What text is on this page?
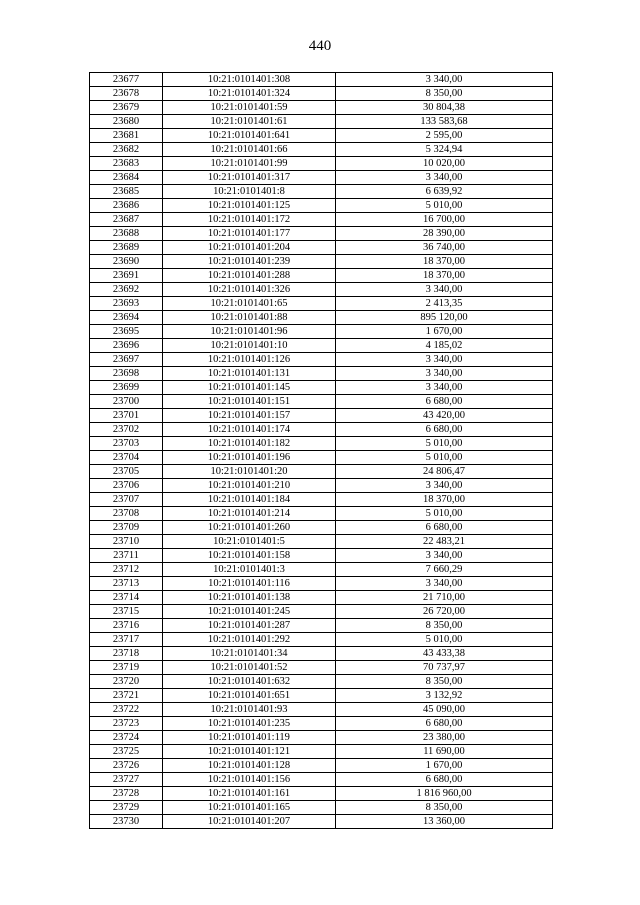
440
23677	10:21:0101401:308	3 340,00
23678	10:21:0101401:324	8 350,00
23679	10:21:0101401:59	30 804,38
23680	10:21:0101401:61	133 583,68
23681	10:21:0101401:641	2 595,00
23682	10:21:0101401:66	5 324,94
23683	10:21:0101401:99	10 020,00
23684	10:21:0101401:317	3 340,00
23685	10:21:0101401:8	6 639,92
23686	10:21:0101401:125	5 010,00
23687	10:21:0101401:172	16 700,00
23688	10:21:0101401:177	28 390,00
23689	10:21:0101401:204	36 740,00
23690	10:21:0101401:239	18 370,00
23691	10:21:0101401:288	18 370,00
23692	10:21:0101401:326	3 340,00
23693	10:21:0101401:65	2 413,35
23694	10:21:0101401:88	895 120,00
23695	10:21:0101401:96	1 670,00
23696	10:21:0101401:10	4 185,02
23697	10:21:0101401:126	3 340,00
23698	10:21:0101401:131	3 340,00
23699	10:21:0101401:145	3 340,00
23700	10:21:0101401:151	6 680,00
23701	10:21:0101401:157	43 420,00
23702	10:21:0101401:174	6 680,00
23703	10:21:0101401:182	5 010,00
23704	10:21:0101401:196	5 010,00
23705	10:21:0101401:20	24 806,47
23706	10:21:0101401:210	3 340,00
23707	10:21:0101401:184	18 370,00
23708	10:21:0101401:214	5 010,00
23709	10:21:0101401:260	6 680,00
23710	10:21:0101401:5	22 483,21
23711	10:21:0101401:158	3 340,00
23712	10:21:0101401:3	7 660,29
23713	10:21:0101401:116	3 340,00
23714	10:21:0101401:138	21 710,00
23715	10:21:0101401:245	26 720,00
23716	10:21:0101401:287	8 350,00
23717	10:21:0101401:292	5 010,00
23718	10:21:0101401:34	43 433,38
23719	10:21:0101401:52	70 737,97
23720	10:21:0101401:632	8 350,00
23721	10:21:0101401:651	3 132,92
23722	10:21:0101401:93	45 090,00
23723	10:21:0101401:235	6 680,00
23724	10:21:0101401:119	23 380,00
23725	10:21:0101401:121	11 690,00
23726	10:21:0101401:128	1 670,00
23727	10:21:0101401:156	6 680,00
23728	10:21:0101401:161	1 816 960,00
23729	10:21:0101401:165	8 350,00
23730	10:21:0101401:207	13 360,00
